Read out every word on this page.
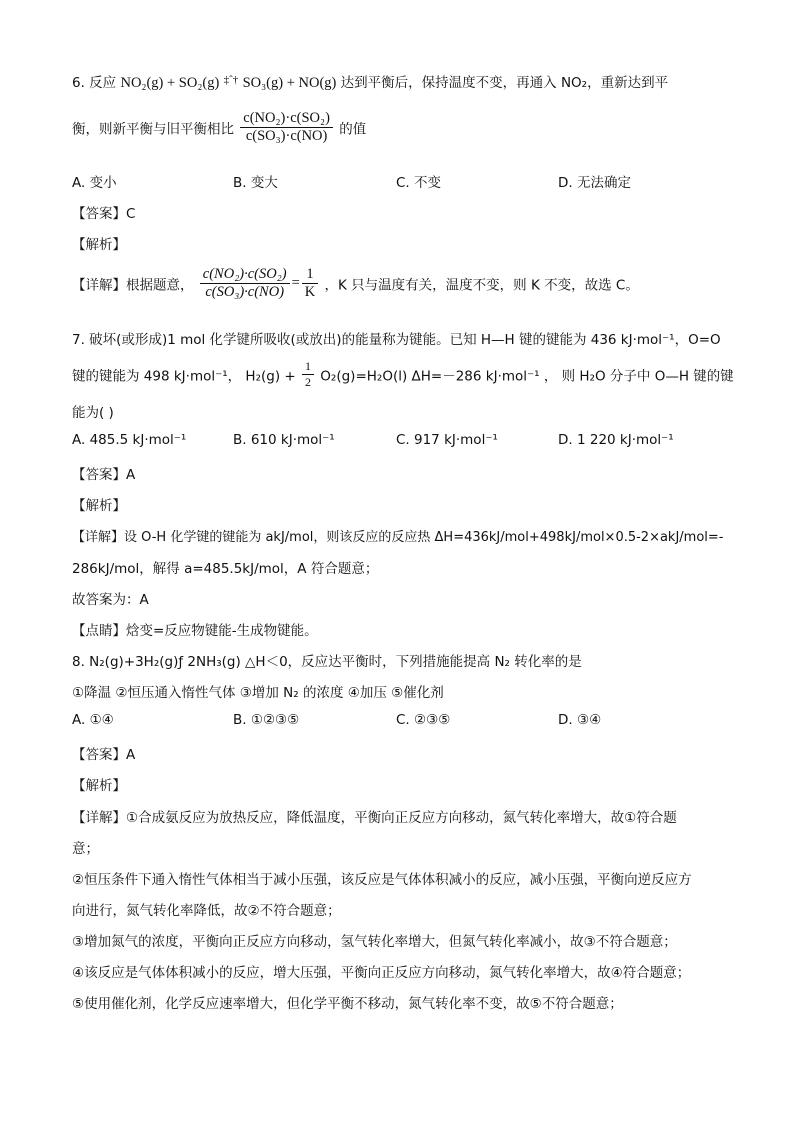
6. 反应 NO₂(g) + SO₂(g) $^{\ddagger ˆ\dagger}$ SO₃(g) + NO(g) 达到平衡后，保持温度不变，再通入 NO₂，重新达到平
衡，则新平衡与旧平衡相比 $\frac{\text{c(NO₂)·c(SO₂)}}{\text{c(SO₃)·c(NO)}}$ 的值
A. 变小	B. 变大	C. 不变	D. 无法确定
【答案】C
【解析】
【详解】根据题意， $\frac{\text{c(NO₂)·c(SO₂)}}{\text{c(SO₃)·c(NO)}} = \frac{1}{K}$ ，K 只与温度有关，温度不变，则 K 不变，故选 C。
7. 破坏(或形成)1 mol 化学键所吸收(或放出)的能量称为键能。已知 H—H 键的键能为 436 kJ·mol⁻¹，O=O
键的键能为 498 kJ·mol⁻¹， $H_2(g) + \frac{1}{2} O_2(g)=H_2O(l)$ ΔH=－286 kJ·mol⁻¹ ， 则 H₂O 分子中 O—H 键的键
能为( )
A. 485.5 kJ·mol⁻¹	B. 610 kJ·mol⁻¹	C. 917 kJ·mol⁻¹	D. 1 220 kJ·mol⁻¹
【答案】A
【解析】
【详解】设 O-H 化学键的键能为 akJ/mol，则该反应的反应热 ΔH=436kJ/mol+498kJ/mol×0.5-2×akJ/mol=-
286kJ/mol，解得 a=485.5kJ/mol，A 符合题意；
故答案为：A
【点睛】焓变=反应物键能-生成物键能。
8. N₂(g)+3H₂(g)ƒ 2NH₃(g) △H＜0，反应达平衡时，下列措施能提高 N₂ 转化率的是
①降温 ②恒压通入惰性气体 ③增加 N₂ 的浓度 ④加压 ⑤催化剂
A. ①④	B. ①②③⑤	C. ②③⑤	D. ③④
【答案】A
【解析】
【详解】①合成氨反应为放热反应，降低温度，平衡向正反应方向移动，氮气转化率增大，故①符合题
意；
②恒压条件下通入惰性气体相当于减小压强，该反应是气体体积减小的反应，减小压强，平衡向逆反应方
向进行，氮气转化率降低，故②不符合题意；
③增加氮气的浓度，平衡向正反应方向移动，氢气转化率增大，但氮气转化率减小，故③不符合题意；
④该反应是气体体积减小的反应，增大压强，平衡向正反应方向移动，氮气转化率增大，故④符合题意；
⑤使用催化剂，化学反应速率增大，但化学平衡不移动，氮气转化率不变，故⑤不符合题意；
